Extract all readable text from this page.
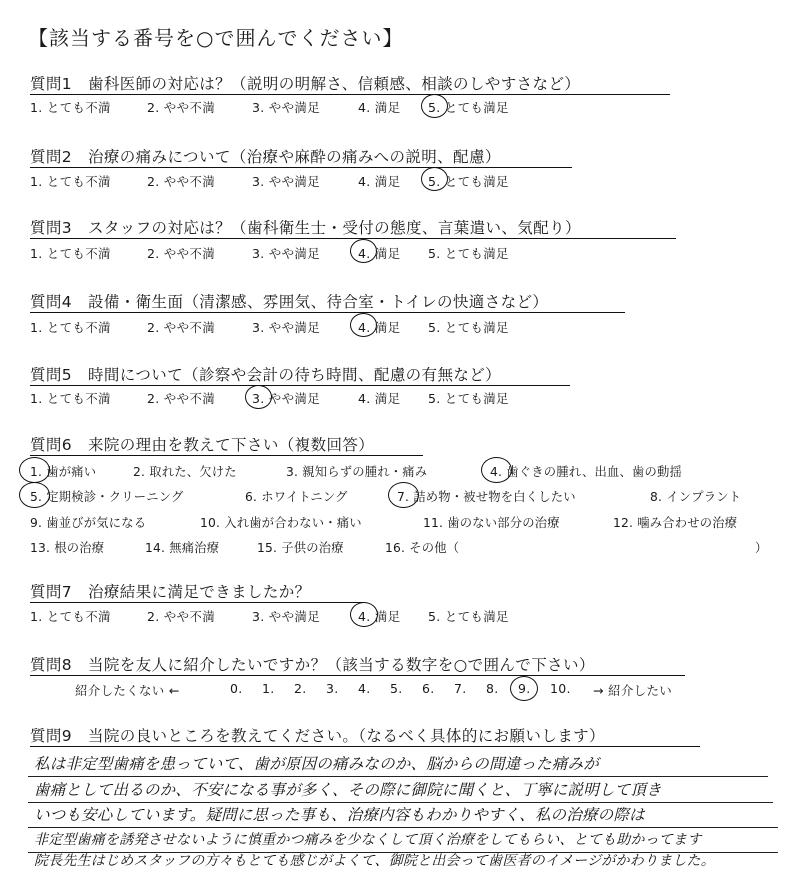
【該当する番号を○で囲んでください】
質問1　歯科医師の対応は？（説明の明解さ、信頼感、相談のしやすさなど）
1. とても不満	2. やや不満	3. やや満足	4. 満足 5. とても満足
質問2　治療の痛みについて（治療や麻酔の痛みへの説明、配慮）
1. とても不満	2. やや不満	3. やや満足	4. 満足 5. とても満足
質問3　スタッフの対応は？（歯科衛生士・受付の態度、言葉遣い、気配り）
1. とても不満	2. やや不満	3. やや満足	4. 満足 5. とても満足
質問4　設備・衛生面（清潔感、雰囲気、待合室・トイレの快適さなど）
1. とても不満	2. やや不満	3. やや満足	4. 満足 5. とても満足
質問5　時間について（診察や会計の待ち時間、配慮の有無など）
1. とても不満	2. やや不満	3. やや満足	4. 満足 5. とても満足
質問6　来院の理由を教えて下さい（複数回答）
1. 歯が痛い	2. 取れた、欠けた	3. 親知らずの腫れ・痛み	4. 歯ぐきの腫れ、出血、歯の動揺
5. 定期検診・クリーニング	6. ホワイトニング	7. 詰め物・被せ物を白くしたい	8. インプラント
9. 歯並びが気になる	10. 入れ歯が合わない・痛い	11. 歯のない部分の治療	12. 噛み合わせの治療
13. 根の治療	14. 無痛治療	15. 子供の治療	16. その他（	）
質問7　治療結果に満足できましたか？
1. とても不満	2. やや不満	3. やや満足	4. 満足 5. とても満足
質問8　当院を友人に紹介したいですか？（該当する数字を○で囲んで下さい）
紹介したくない ←	0. 1. 2. 3. 4. 5. 6. 7. 8. 9. 10. → 紹介したい
質問9　当院の良いところを教えてください。（なるべく具体的にお願いします）
私は非定型歯痛を患っていて、歯が原因の痛みなのか、脳からの間違った痛みが
歯痛として出るのか、不安になる事が多く、その際に御院に聞くと、丁寧に説明して頂き
いつも安心しています。疑問に思った事も、治療内容もわかりやすく、私の治療の際は
非定型歯痛を誘発させないように慎重かつ痛みを少なくして頂く治療をしてもらい、とても助かってます
院長先生はじめスタッフの方々もとても感じがよくて、御院と出会って歯医者のイメージがかわりました。
